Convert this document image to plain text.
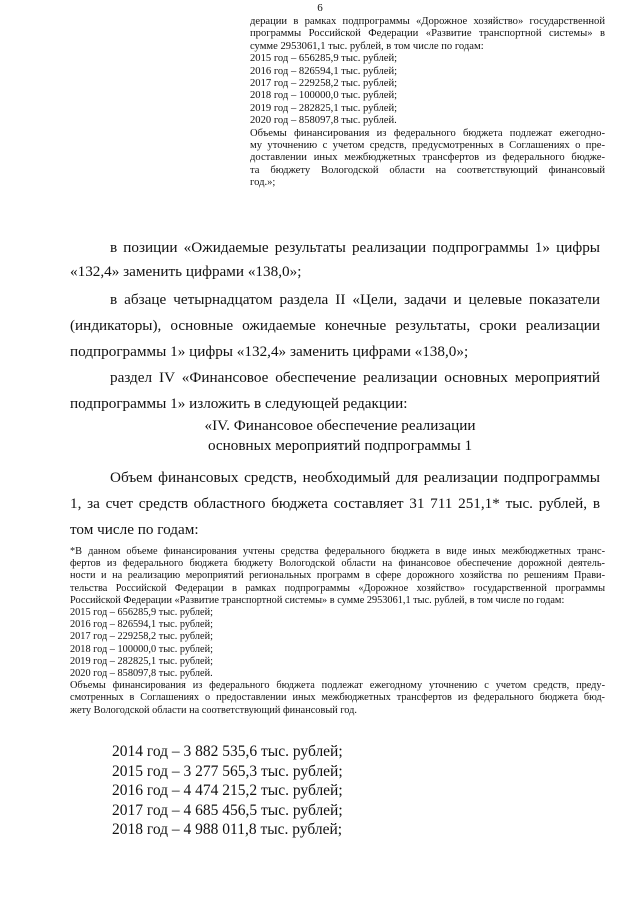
6
дерации в рамках подпрограммы «Дорожное хозяйство» государственной
программы Российской Федерации «Развитие транспортной системы» в
сумме 2953061,1 тыс. рублей, в том числе по годам:
2015 год – 656285,9 тыс. рублей;
2016 год – 826594,1 тыс. рублей;
2017 год – 229258,2 тыс. рублей;
2018 год – 100000,0 тыс. рублей;
2019 год – 282825,1 тыс. рублей;
2020 год – 858097,8 тыс. рублей.
Объемы финансирования из федерального бюджета подлежат ежегодно-
му уточнению с учетом средств, предусмотренных в Соглашениях о пре-
доставлении иных межбюджетных трансфертов из федерального бюдже-
та бюджету Вологодской области на соответствующий финансовый
год.»;
в позиции «Ожидаемые результаты реализации подпрограммы 1» цифры
«132,4» заменить цифрами «138,0»;
в абзаце четырнадцатом раздела II «Цели, задачи и целевые показатели
(индикаторы), основные ожидаемые конечные результаты, сроки реализации
подпрограммы 1» цифры «132,4» заменить цифрами «138,0»;
раздел IV «Финансовое обеспечение реализации основных мероприятий
подпрограммы 1» изложить в следующей редакции:
«IV. Финансовое обеспечение реализации
основных мероприятий подпрограммы 1
Объем финансовых средств, необходимый для реализации подпрограммы
1, за счет средств областного бюджета составляет 31 711 251,1* тыс. рублей, в
том числе по годам:
*В данном объеме финансирования учтены средства федерального бюджета в виде иных межбюджетных транс-
фертов из федерального бюджета бюджету Вологодской области на финансовое обеспечение дорожной деятель-
ности и на реализацию мероприятий региональных программ в сфере дорожного хозяйства по решениям Прави-
тельства Российской Федерации в рамках подпрограммы «Дорожное хозяйство» государственной программы
Российской Федерации «Развитие транспортной системы» в сумме 2953061,1 тыс. рублей, в том числе по годам:
2015 год – 656285,9 тыс. рублей;
2016 год – 826594,1 тыс. рублей;
2017 год – 229258,2 тыс. рублей;
2018 год – 100000,0 тыс. рублей;
2019 год – 282825,1 тыс. рублей;
2020 год – 858097,8 тыс. рублей.
Объемы финансирования из федерального бюджета подлежат ежегодному уточнению с учетом средств, преду-
смотренных в Соглашениях о предоставлении иных межбюджетных трансфертов из федерального бюджета бюд-
жету Вологодской области на соответствующий финансовый год.
2014 год – 3 882 535,6 тыс. рублей;
2015 год – 3 277 565,3 тыс. рублей;
2016 год – 4 474 215,2 тыс. рублей;
2017 год – 4 685 456,5 тыс. рублей;
2018 год – 4 988 011,8 тыс. рублей;
